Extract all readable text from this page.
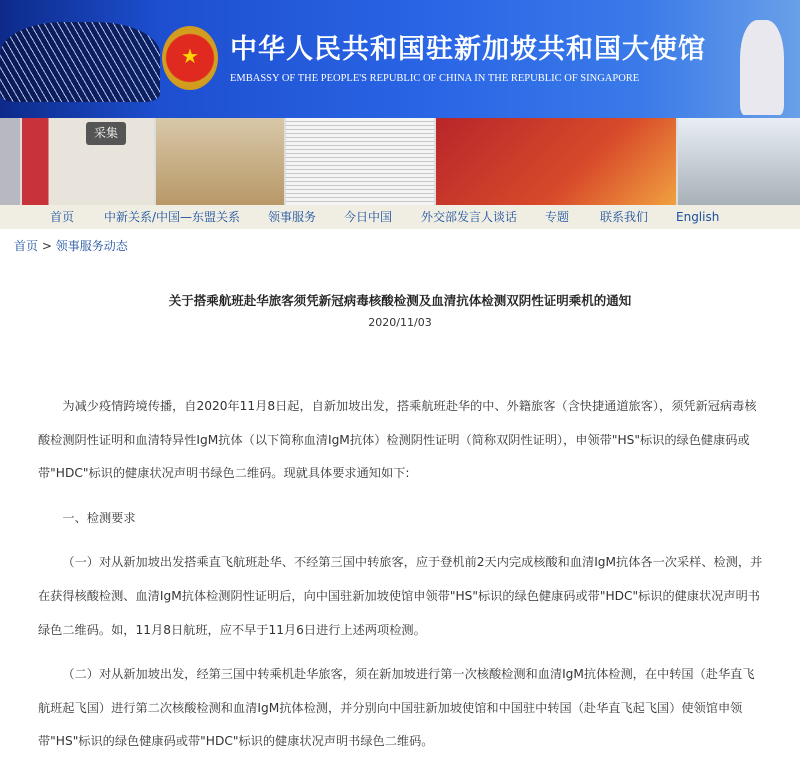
★	中华人民共和国驻新加坡共和国大使馆
EMBASSY OF THE PEOPLE'S REPUBLIC OF CHINA IN THE REPUBLIC OF SINGAPORE
采集
首页 中新关系/中国—东盟关系 领事服务 今日中国 外交部发言人谈话 专题	联系我们 English
首页 > 领事服务动态
关于搭乘航班赴华旅客须凭新冠病毒核酸检测及血清抗体检测双阴性证明乘机的通知
2020/11/03

为减少疫情跨境传播，自2020年11月8日起，自新加坡出发，搭乘航班赴华的中、外籍旅客（含快捷通道旅客），须凭新冠病毒核酸检测阴性证明和血清特异性IgM抗体（以下简称血清IgM抗体）检测阴性证明（简称双阴性证明），申领带"HS"标识的绿色健康码或带"HDC"标识的健康状况声明书绿色二维码。现就具体要求通知如下:

一、检测要求

（一）对从新加坡出发搭乘直飞航班赴华、不经第三国中转旅客，应于登机前2天内完成核酸和血清IgM抗体各一次采样、检测，并在获得核酸检测、血清IgM抗体检测阴性证明后，向中国驻新加坡使馆申领带"HS"标识的绿色健康码或带"HDC"标识的健康状况声明书绿色二维码。如，11月8日航班，应不早于11月6日进行上述两项检测。

（二）对从新加坡出发，经第三国中转乘机赴华旅客，须在新加坡进行第一次核酸检测和血清IgM抗体检测，在中转国（赴华直飞航班起飞国）进行第二次核酸检测和血清IgM抗体检测，并分别向中国驻新加坡使馆和中国驻中转国（赴华直飞起飞国）使领馆申领带"HS"标识的绿色健康码或带"HDC"标识的健康状况声明书绿色二维码。
